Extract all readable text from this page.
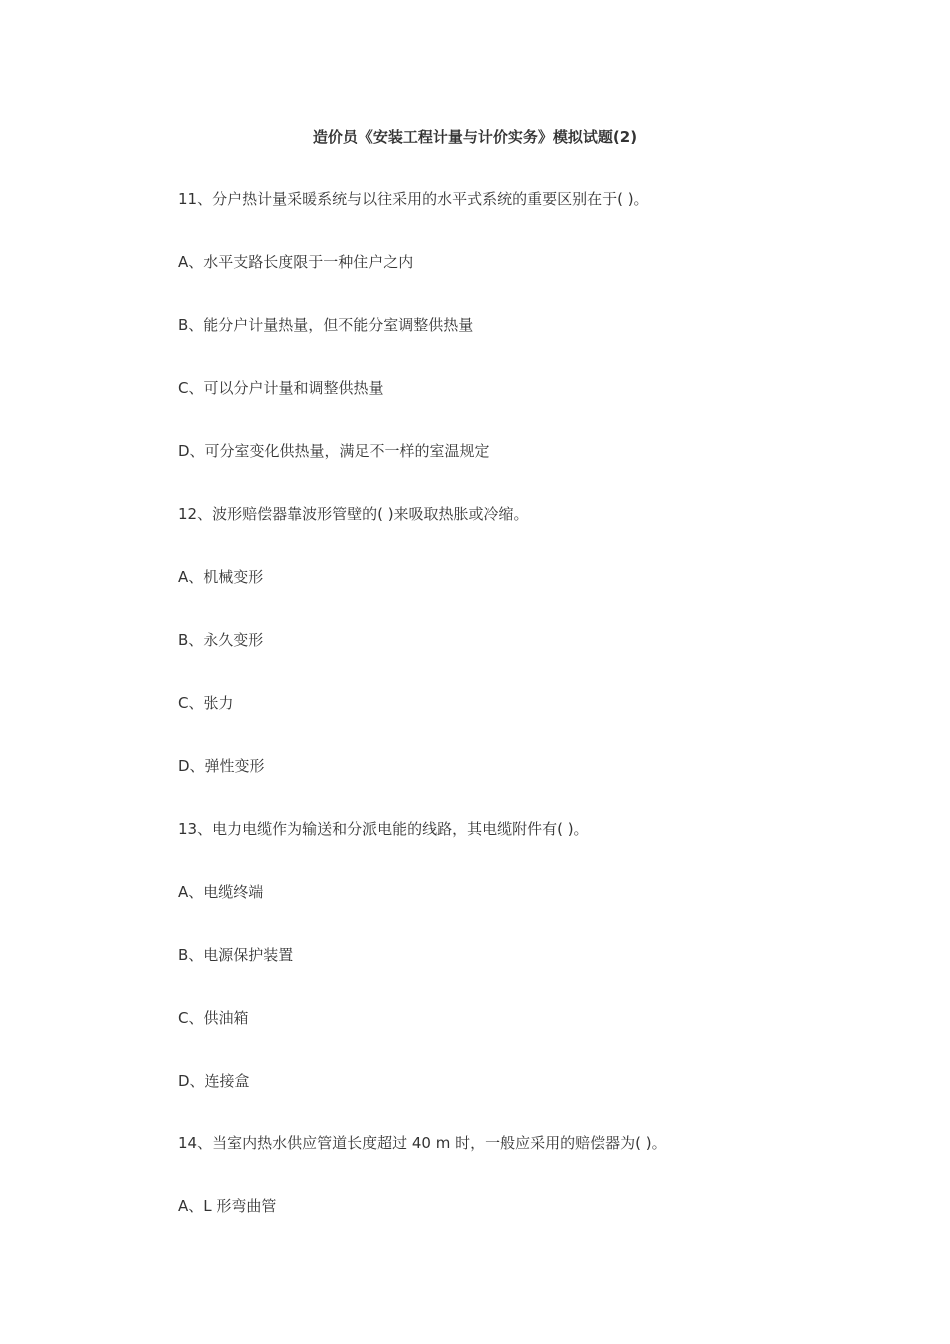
造价员《安装工程计量与计价实务》模拟试题(2)
11、分户热计量采暖系统与以往采用的水平式系统的重要区别在于( )。
A、水平支路长度限于一种住户之内
B、能分户计量热量，但不能分室调整供热量
C、可以分户计量和调整供热量
D、可分室变化供热量，满足不一样的室温规定
12、波形赔偿器靠波形管壁的( )来吸取热胀或冷缩。
A、机械变形
B、永久变形
C、张力
D、弹性变形
13、电力电缆作为输送和分派电能的线路，其电缆附件有( )。
A、电缆终端
B、电源保护装置
C、供油箱
D、连接盒
14、当室内热水供应管道长度超过 40 m 时，一般应采用的赔偿器为( )。
A、L 形弯曲管
